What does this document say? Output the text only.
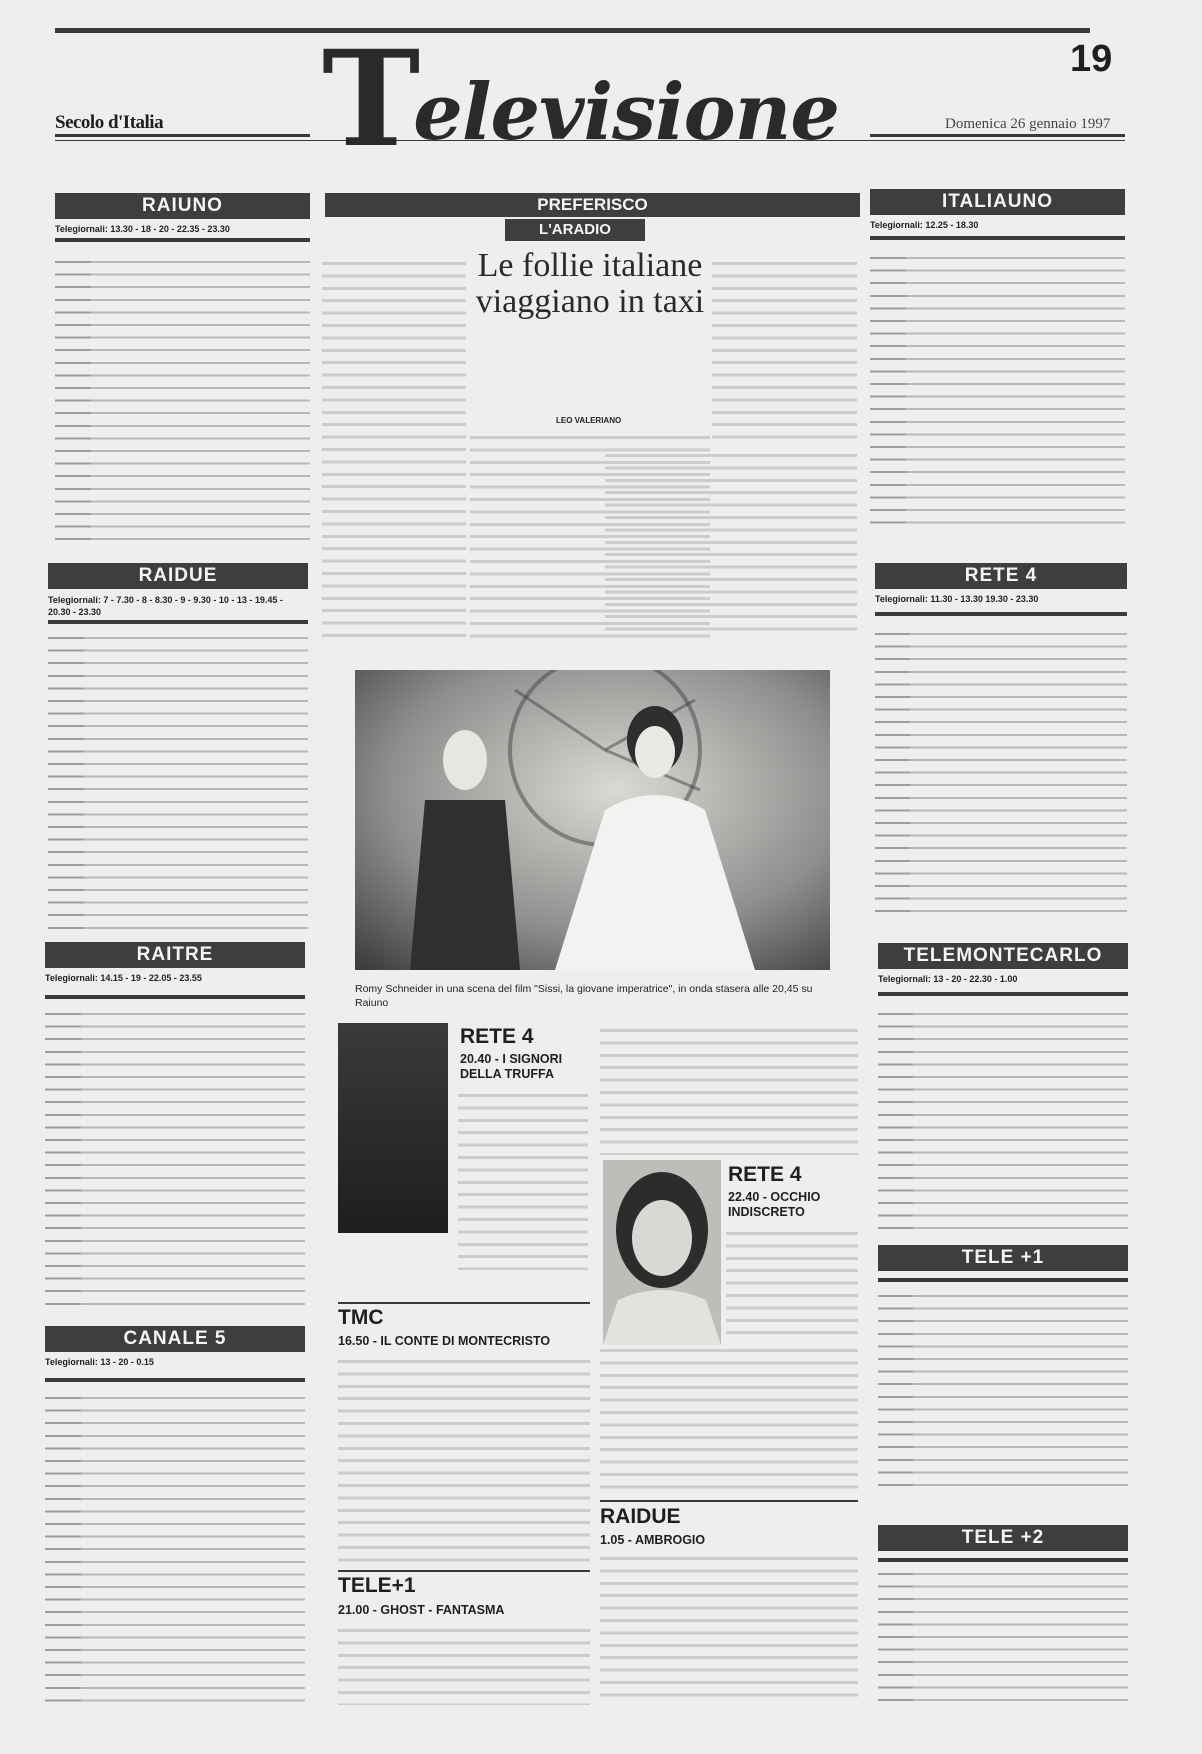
19
Secolo d'Italia	Domenica 26 gennaio 1997
Televisione
RAIUNO
Telegiornali: 13.30 - 18 - 20 - 22.35 - 23.30
RAIDUE
Telegiornali: 7 - 7.30 - 8 - 8.30 - 9 - 9.30 - 10 - 13 - 19.45 - 20.30 - 23.30
RAITRE
Telegiornali: 14.15 - 19 - 22.05 - 23.55
CANALE 5
Telegiornali: 13 - 20 - 0.15
PREFERISCO
L'ARADIO
Le follie italiane viaggiano in taxi
LEO VALERIANO
Romy Schneider in una scena del film "Sissi, la giovane imperatrice", in onda stasera alle 20,45 su Raiuno
RETE 4
20.40 - I SIGNORI DELLA TRUFFA
RETE 4
22.40 - OCCHIO INDISCRETO
TMC
16.50 - IL CONTE DI MONTECRISTO
RAIDUE
1.05 - AMBROGIO
TELE+1
21.00 - GHOST - FANTASMA
ITALIAUNO
Telegiornali: 12.25 - 18.30
RETE 4
Telegiornali: 11.30 - 13.30 19.30 - 23.30
TELEMONTECARLO
Telegiornali: 13 - 20 - 22.30 - 1.00
TELE +1
TELE +2
